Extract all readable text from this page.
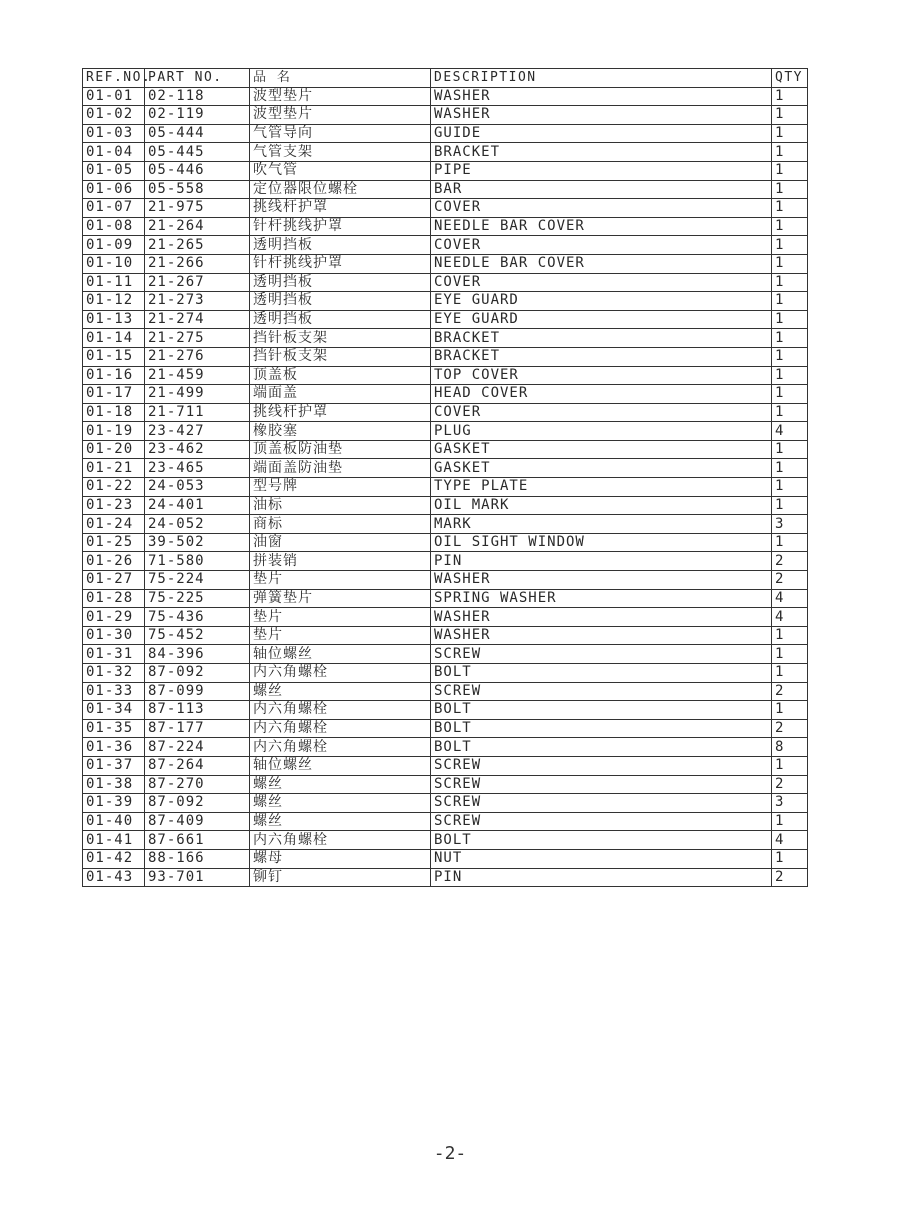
REF.NO.	PART NO.	品 名	DESCRIPTION	QTY
01-01	02-118	波型垫片	WASHER	1
01-02	02-119	波型垫片	WASHER	1
01-03	05-444	气管导向	GUIDE	1
01-04	05-445	气管支架	BRACKET	1
01-05	05-446	吹气管	PIPE	1
01-06	05-558	定位器限位螺栓	BAR	1
01-07	21-975	挑线杆护罩	COVER	1
01-08	21-264	针杆挑线护罩	NEEDLE BAR COVER	1
01-09	21-265	透明挡板	COVER	1
01-10	21-266	针杆挑线护罩	NEEDLE BAR COVER	1
01-11	21-267	透明挡板	COVER	1
01-12	21-273	透明挡板	EYE GUARD	1
01-13	21-274	透明挡板	EYE GUARD	1
01-14	21-275	挡针板支架	BRACKET	1
01-15	21-276	挡针板支架	BRACKET	1
01-16	21-459	顶盖板	TOP COVER	1
01-17	21-499	端面盖	HEAD COVER	1
01-18	21-711	挑线杆护罩	COVER	1
01-19	23-427	橡胶塞	PLUG	4
01-20	23-462	顶盖板防油垫	GASKET	1
01-21	23-465	端面盖防油垫	GASKET	1
01-22	24-053	型号牌	TYPE PLATE	1
01-23	24-401	油标	OIL MARK	1
01-24	24-052	商标	MARK	3
01-25	39-502	油窗	OIL SIGHT WINDOW	1
01-26	71-580	拼装销	PIN	2
01-27	75-224	垫片	WASHER	2
01-28	75-225	弹簧垫片	SPRING WASHER	4
01-29	75-436	垫片	WASHER	4
01-30	75-452	垫片	WASHER	1
01-31	84-396	轴位螺丝	SCREW	1
01-32	87-092	内六角螺栓	BOLT	1
01-33	87-099	螺丝	SCREW	2
01-34	87-113	内六角螺栓	BOLT	1
01-35	87-177	内六角螺栓	BOLT	2
01-36	87-224	内六角螺栓	BOLT	8
01-37	87-264	轴位螺丝	SCREW	1
01-38	87-270	螺丝	SCREW	2
01-39	87-092	螺丝	SCREW	3
01-40	87-409	螺丝	SCREW	1
01-41	87-661	内六角螺栓	BOLT	4
01-42	88-166	螺母	NUT	1
01-43	93-701	铆钉	PIN	2
-2-
